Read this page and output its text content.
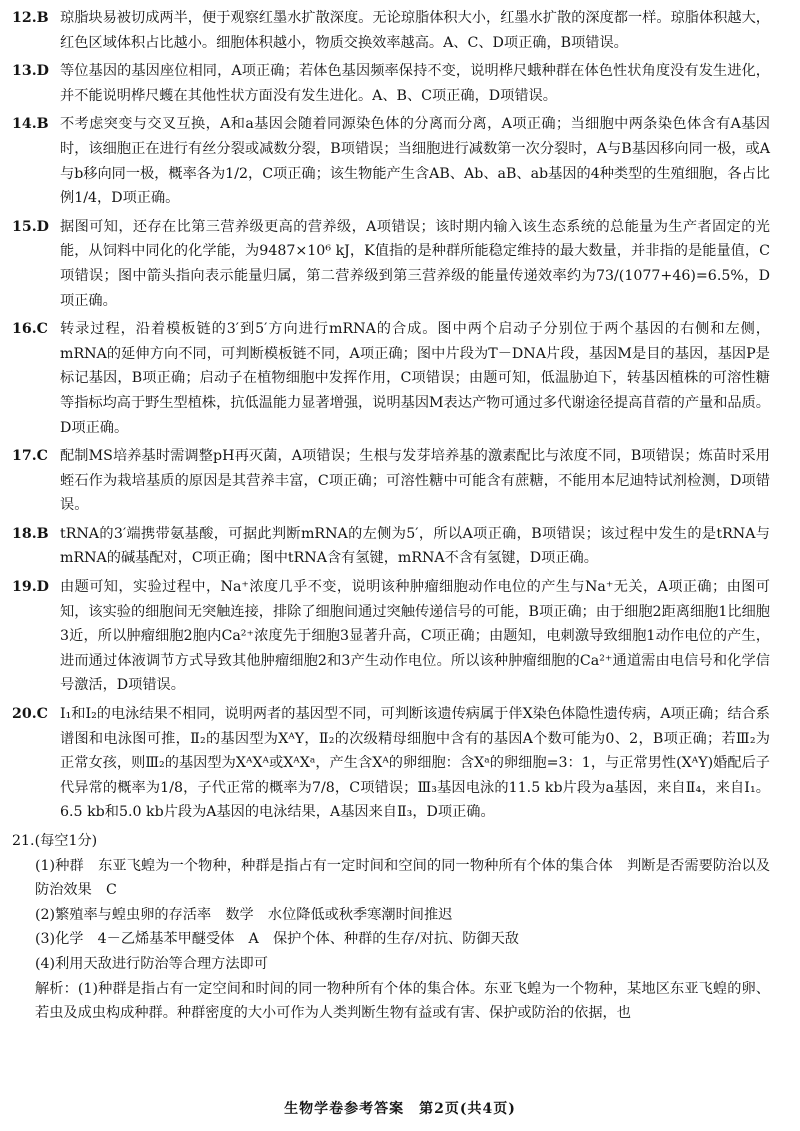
12.B 琼脂块易被切成两半，便于观察红墨水扩散深度。无论琼脂体积大小，红墨水扩散的深度都一样。琼脂体积越大，红色区域体积占比越小。细胞体积越小，物质交换效率越高。A、C、D项正确，B项错误。
13.D 等位基因的基因座位相同，A项正确；若体色基因频率保持不变，说明桦尺蛾种群在体色性状角度没有发生进化，并不能说明桦尺蠖在其他性状方面没有发生进化。A、B、C项正确，D项错误。
14.B 不考虑突变与交叉互换，A和a基因会随着同源染色体的分离而分离，A项正确；当细胞中两条染色体含有A基因时，该细胞正在进行有丝分裂或减数分裂，B项错误；当细胞进行减数第一次分裂时，A与B基因移向同一极，或A与b移向同一极，概率各为1/2，C项正确；该生物能产生含AB、Ab、aB、ab基因的4种类型的生殖细胞，各占比例1/4，D项正确。
15.D 据图可知，还存在比第三营养级更高的营养级，A项错误；该时期内输入该生态系统的总能量为生产者固定的光能，从饲料中同化的化学能，为9487×10⁶ kJ，K值指的是种群所能稳定维持的最大数量，并非指的是能量值，C项错误；图中箭头指向表示能量归属，第二营养级到第三营养级的能量传递效率约为73/(1077+46)=6.5%，D项正确。
16.C 转录过程，沿着模板链的3′到5′方向进行mRNA的合成。图中两个启动子分别位于两个基因的右侧和左侧，mRNA的延伸方向不同，可判断模板链不同，A项正确；图中片段为T－DNA片段，基因M是目的基因，基因P是标记基因，B项正确；启动子在植物细胞中发挥作用，C项错误；由题可知，低温胁迫下，转基因植株的可溶性糖等指标均高于野生型植株，抗低温能力显著增强，说明基因M表达产物可通过多代谢途径提高苜蓿的产量和品质。D项正确。
17.C 配制MS培养基时需调整pH再灭菌，A项错误；生根与发芽培养基的激素配比与浓度不同，B项错误；炼苗时采用蛭石作为栽培基质的原因是其营养丰富，C项正确；可溶性糖中可能含有蔗糖，不能用本尼迪特试剂检测，D项错误。
18.B tRNA的3′端携带氨基酸，可据此判断mRNA的左侧为5′，所以A项正确，B项错误；该过程中发生的是tRNA与mRNA的碱基配对，C项正确；图中tRNA含有氢键，mRNA不含有氢键，D项正确。
19.D 由题可知，实验过程中，Na⁺浓度几乎不变，说明该种肿瘤细胞动作电位的产生与Na⁺无关，A项正确；由图可知，该实验的细胞间无突触连接，排除了细胞间通过突触传递信号的可能，B项正确；由于细胞2距离细胞1比细胞3近，所以肿瘤细胞2胞内Ca²⁺浓度先于细胞3显著升高，C项正确；由题知，电刺激导致细胞1动作电位的产生，进而通过体液调节方式导致其他肿瘤细胞2和3产生动作电位。所以该种肿瘤细胞的Ca²⁺通道需由电信号和化学信号激活，D项错误。
20.C Ⅰ₁和Ⅰ₂的电泳结果不相同，说明两者的基因型不同，可判断该遗传病属于伴X染色体隐性遗传病，A项正确；结合系谱图和电泳图可推，Ⅱ₂的基因型为XᴬY，Ⅱ₂的次级精母细胞中含有的基因A个数可能为0、2，B项正确；若Ⅲ₂为正常女孩，则Ⅲ₂的基因型为XᴬXᴬ或XᴬXᵃ，产生含Xᴬ的卵细胞：含Xᵃ的卵细胞=3：1，与正常男性(XᴬY)婚配后子代异常的概率为1/8，子代正常的概率为7/8，C项错误；Ⅲ₃基因电泳的11.5 kb片段为a基因，来自Ⅱ₄，来自Ⅰ₁。6.5 kb和5.0 kb片段为A基因的电泳结果，A基因来自Ⅱ₃，D项正确。
21.(每空1分)
(1)种群　东亚飞蝗为一个物种，种群是指占有一定时间和空间的同一物种所有个体的集合体　判断是否需要防治以及防治效果　C
(2)繁殖率与蝗虫卵的存活率　数学　水位降低或秋季寒潮时间推迟
(3)化学　4－乙烯基苯甲醚受体　A　保护个体、种群的生存/对抗、防御天敌
(4)利用天敌进行防治等合理方法即可
解析：(1)种群是指占有一定空间和时间的同一物种所有个体的集合体。东亚飞蝗为一个物种，某地区东亚飞蝗的卵、若虫及成虫构成种群。种群密度的大小可作为人类判断生物有益或有害、保护或防治的依据，也
生物学卷参考答案　第2页(共4页)
